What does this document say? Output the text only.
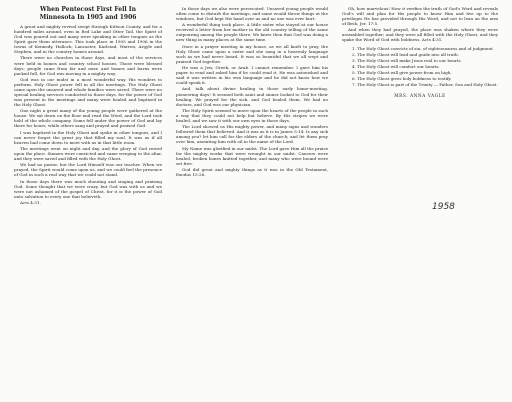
When Pentecost First Fell In
Minnesota In 1905 and 1906

A great and mighty revival swept through Kittson County, and for a hundred miles around, even in Red Lake and Otter Tail, the Spirit of God was poured out and many were speaking in other tongues as the Spirit gave them utterance. This took place in 1905 and 1906 in the towns of Kennedy, Hallock, Lancaster, Karlstad, Warren, Argyle and Stephen, and in the country homes around.

There were no churches in those days, and most of the services were held in homes and country school houses. Those were blessed days; people came from far and near, and homes and barns were packed full, for God was moving in a mighty way.

God was in our midst in a most wonderful way. His wonders to perform. Holy Ghost power fell in all the meetings. The Holy Ghost came upon the unsaved and whole families were saved. There were no special healing services conducted in those days, for the power of God was present in the meetings and many were healed and baptized in the Holy Ghost.

One night a great many of the young people were gathered at the house. We sat down on the floor and read the Word, and the Lord took hold of the whole company. Some fell under the power of God and lay there for hours, while others sang and prayed and praised God.

I was baptized in the Holy Ghost and spoke in other tongues, and I can never forget the great joy that filled my soul. It was as if all heaven had come down to meet with us in that little room.

The meetings went on night and day, and the glory of God rested upon the place. Sinners were convicted and came weeping to the altar, and they were saved and filled with the Holy Ghost.

We had no pastor, but the Lord Himself was our teacher. When we prayed, the Spirit would come upon us, and we could feel the presence of God in such a real way that we could not stand.

In those days there was much shouting and singing and praising God. Some thought that we were crazy, but God was with us and we were not ashamed of the gospel of Christ, for it is the power of God unto salvation to every one that believeth.

Acts 4:31.

In those days we also were persecuted. Unsaved young people would often come to disturb the meetings, and some would throw things at the windows, but God kept His hand over us and no one was ever hurt.

A wonderful thing took place. A little sister who stayed at our house received a letter from her mother in the old country telling of the same outpouring among the people there. We knew then that God was doing a new thing in many places at the same time.

Once in a prayer meeting in my house, as we all knelt to pray, the Holy Ghost came upon a sister and she sang in a heavenly language such as we had never heard. It was so beautiful that we all wept and praised God together.

He was a Jew, Greek, or Arab. I cannot remember. I gave him his paper to read and asked him if he could read it. He was astonished and said it was written in his own language and he did not know how we could speak it.

And, talk about divine healing in those early home-meeting, pioneering days! It seemed both saint and sinner looked to God for their healing. We prayed for the sick, and God healed them. We had no doctors, and God was our physician.

The Holy Spirit seemed to move upon the hearts of the people in such a way that they could not help but believe. By His stripes we were healed, and we saw it with our own eyes in those days.

The Lord showed us His mighty power, and many signs and wonders followed them that believed. And it was as it is in James 5:14: Is any sick among you? let him call for the elders of the church; and let them pray over him, anointing him with oil in the name of the Lord.

My Name was glorified in our midst. The Lord gave Him all the praise for the mighty works that were wrought in our midst. Cancers were healed, broken bones knitted together, and many who were bound were set free.

God did great and mighty things as it was in the Old Testament, Exodus 15:26.

Oh, how marvelous! How it verifies the truth of God's Word and reveals God's will and plan for His people to know Him and live up to the privileges He has provided through His Word, and not to lean on the arm of flesh, Jer. 17:5.

And when they had prayed, the place was shaken where they were assembled together; and they were all filled with the Holy Ghost, and they spake the Word of God with boldness. Acts 4:31.

1. The Holy Ghost convicts of sin, of righteousness and of judgment.
2. The Holy Ghost will lead and guide into all truth.
3. The Holy Ghost will make Jesus real to our hearts.
4. The Holy Ghost will comfort our hearts.
5. The Holy Ghost will give power from on high.
6. The Holy Ghost gives holy boldness to testify.
7. The Holy Ghost is part of the Trinity — Father, Son and Holy Ghost.
MRS. ANNA VAGLE
1958
